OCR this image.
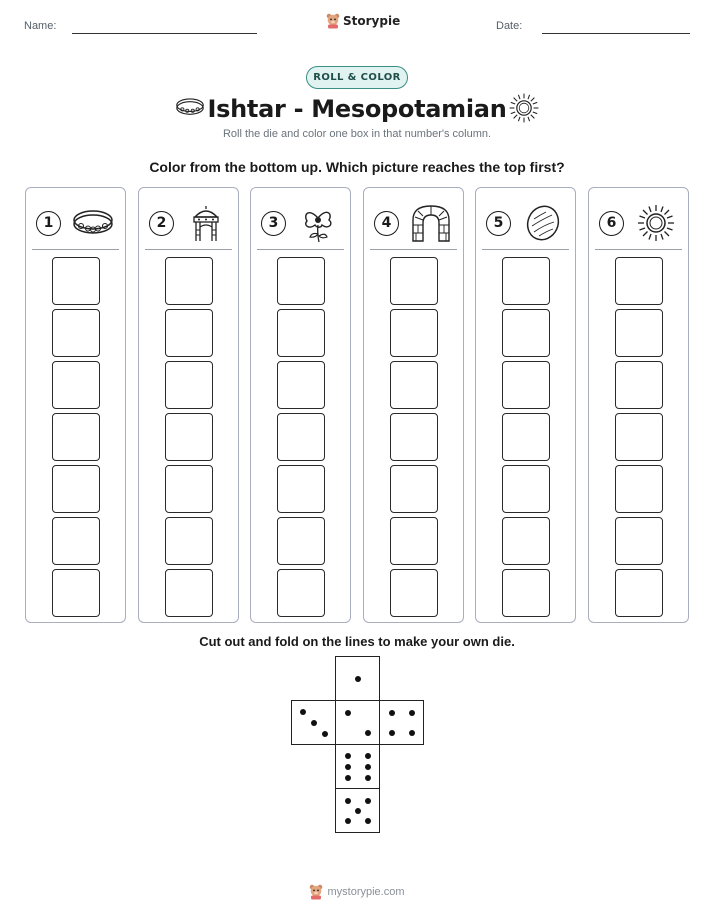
Name:	Storypie	Date:
ROLL & COLOR
Ishtar - Mesopotamian
Roll the die and color one box in that number's column.
Color from the bottom up. Which picture reaches the top first?
1	2	3	4	5	6
Cut out and fold on the lines to make your own die.
mystorypie.com
